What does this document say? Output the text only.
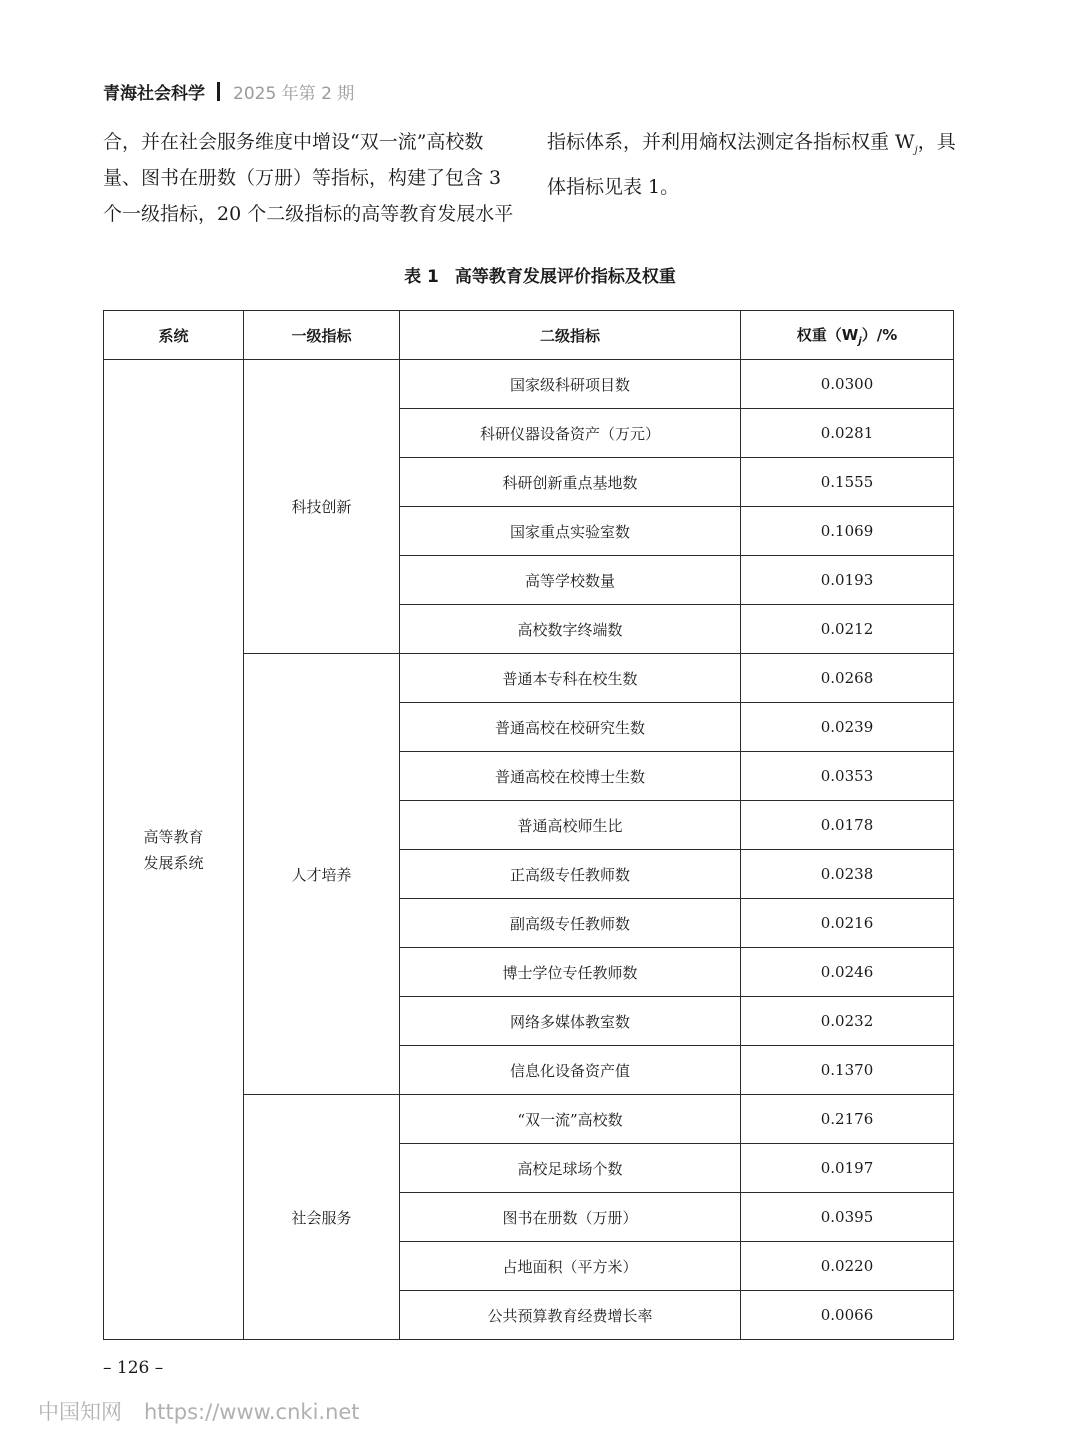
青海社会科学 2025 年第 2 期

合，并在社会服务维度中增设“双一流”高校数

量、图书在册数（万册）等指标，构建了包含 3

个一级指标，20 个二级指标的高等教育发展水平

指标体系，并利用熵权法测定各指标权重 $W_j$，具

体指标见表 1。

表 1 高等教育发展评价指标及权重
系统	一级指标	二级指标	权重$(W_j)/\%$
高等教育
发展系统	科技创新	国家级科研项目数	0.0300
		科研仪器设备资产（万元）	0.0281
		科研创新重点基地数	0.1555
		国家重点实验室数	0.1069
		高等学校数量	0.0193
		高校数字终端数	0.0212
	人才培养	普通本专科在校生数	0.0268
		普通高校在校研究生数	0.0239
		普通高校在校博士生数	0.0353
		普通高校师生比	0.0178
		正高级专任教师数	0.0238
		副高级专任教师数	0.0216
		博士学位专任教师数	0.0246
		网络多媒体教室数	0.0232
		信息化设备资产值	0.1370
	社会服务	“双一流”高校数	0.2176
		高校足球场个数	0.0197
		图书在册数（万册）	0.0395
		占地面积（平方米）	0.0220
		公共预算教育经费增长率	0.0066
– 126 –
中国知网 https://www.cnki.net
